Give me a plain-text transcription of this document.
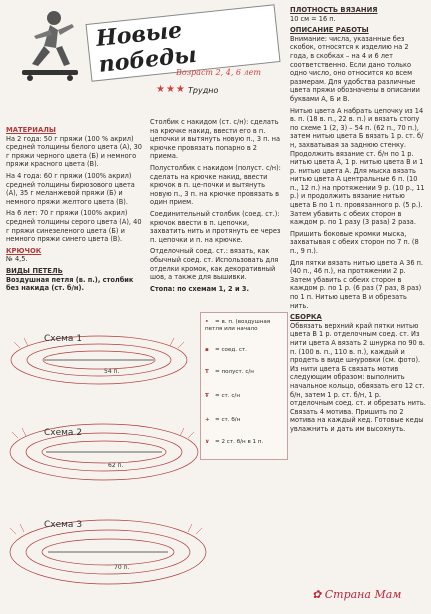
Новые победы
Возраст 2, 4, 6 лет
★★★ Трудно
МАТЕРИАЛЫ

На 2 года: 50 г пряжи (100 % акрил) средней толщины белого цвета (А), 30 г пряжи черного цвета (Б) и немного пряжи красного цвета (В).

На 4 года: 60 г пряжи (100% акрил) средней толщины бирюзового цвета (А), 35 г меланжевой пряжи (Б) и немного пряжи желтого цвета (В).

На 6 лет: 70 г пряжи (100% акрил) средней толщины серого цвета (А), 40 г пряжи синезеленого цвета (Б) и немного пряжи синего цвета (В).

КРЮЧОК

№ 4,5.

ВИДЫ ПЕТЕЛЬ

Воздушная петля (в. п.), столбик без накида (ст. б/н).

Столбик с накидом (ст. с/н): сделать на крючке накид, ввести его в п. цепочки и вытянуть новую п., 3 п. на крючке провязать попарно в 2 приема.

Полустолбик с накидом (полуст. с/н): сделать на крючке накид, ввести крючок в п. це-почки и вытянуть новую п., 3 п. на крючке провязать в один прием.

Соединительный столбик (соед. ст.): крючок ввести в п. цепочки, захватить нить и протянуть ее через п. цепочки и п. на крючке.

Отделочный соед. ст.: вязать, как обычный соед. ст. Использовать для отделки кромок, как декоративный шов, а также для вышивки.

Стопа: по схемам 1, 2 и 3.

ПЛОТНОСТЬ ВЯЗАНИЯ

10 см = 16 п.

ОПИСАНИЕ РАБОТЫ

Внимание: числа, указанные без скобок, относятся к изделию на 2 года, в скобках – на 4 и 6 лет соответственно. Если дано только одно число, оно относится ко всем размерам. Для удобства различные цвета пряжи обозначены в описании буквами А, Б и В.

Нитью цвета А набрать цепочку из 14 в. п. (18 в. п., 22 в. п.) и вязать стопу по схеме 1 (2, 3) – 54 п. (62 п., 70 п.), затем нитью цвета Б вязать 1 р. ст. б/н, захватывая за заднюю стенку. Продолжить вязание ст. б/н по 1 р. нитью цвета А, 1 р. нитью цвета В и 1 р. нитью цвета А. Для мыска вязать нитью цвета А центральные 6 п. (10 п., 12 п.) на протяжении 9 р. (10 р., 11 р.) и продолжить вязание нитью цвета Б по 1 п. провязанного р. (5 р.). Затем убавить с обеих сторон в каждом р. по 1 разу (3 раза) 2 раза.

Пришить боковые кромки мыска, захватывая с обеих сторон по 7 п. (8 п., 9 п.).

Для пятки вязать нитью цвета А 36 п. (40 п., 46 п.), на протяжении 2 р. Затем убавить с обеих сторон в каждом р. по 1 р. (6 раз (7 раз, 8 раз) по 1 п. Нитью цвета В и обрезать нить.

СБОРКА

Обвязать верхний край пятки нитью цвета В 1 р. отделочным соед. ст. Из нити цвета А вязать 2 шнурка по 90 в. п. (100 в. п., 110 в. п.), каждый и продеть в виде шнуровки (см. фото). Из нити цвета Б связать мотив следующим образом: выполнить начальное кольцо, обвязать его 12 ст. б/н, затем 1 р. ст. б/н, 1 р. отделочным соед. ст. и обрезать нить. Связать 4 мотива. Пришить по 2 мотива на каждый кед. Готовые кеды увлажнить и дать им высохнуть.

• = в. п. (воздушная петля или начало
▪ = соед. ст.
T = полуст. с/н
Ŧ = ст. с/н
+ = ст. б/н
∨ = 2 ст. б/н в 1 п.
Схема 1
Схема 2
Схема 3
54 п.
62 п.
70 п.
✿ Страна Мам
